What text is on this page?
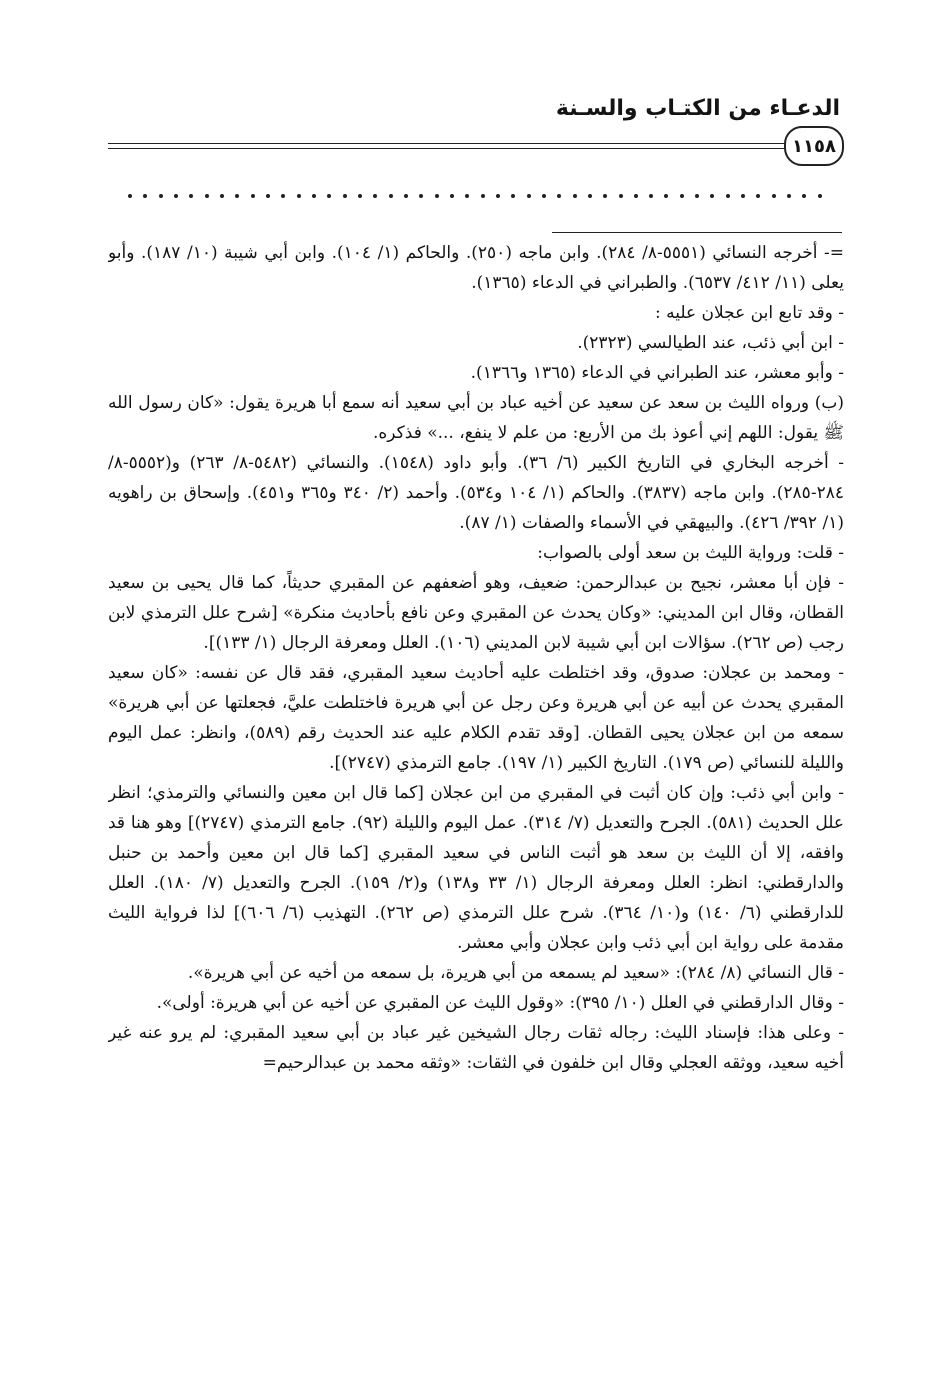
الدعـاء من الكتـاب والسـنة
١١٥٨

=- أخرجه النسائي (٥٥٥١-٨/ ٢٨٤). وابن ماجه (٢٥٠). والحاكم (١/ ١٠٤). وابن أبي شيبة (١٠/ ١٨٧). وأبو يعلى (١١/ ٤١٢/ ٦٥٣٧). والطبراني في الدعاء (١٣٦٥).

- وقد تابع ابن عجلان عليه :

- ابن أبي ذئب، عند الطيالسي (٢٣٢٣).

- وأبو معشر، عند الطبراني في الدعاء (١٣٦٥ و١٣٦٦).

(ب) ورواه الليث بن سعد عن سعيد عن أخيه عباد بن أبي سعيد أنه سمع أبا هريرة يقول: «كان رسول الله ﷺ يقول: اللهم إني أعوذ بك من الأربع: من علم لا ينفع، ...» فذكره.

- أخرجه البخاري في التاريخ الكبير (٦/ ٣٦). وأبو داود (١٥٤٨). والنسائي (٥٤٨٢-٨/ ٢٦٣) و(٥٥٥٢-٨/ ٢٨٤-٢٨٥). وابن ماجه (٣٨٣٧). والحاكم (١/ ١٠٤ و٥٣٤). وأحمد (٢/ ٣٤٠ و٣٦٥ و٤٥١). وإسحاق بن راهويه (١/ ٣٩٢/ ٤٢٦). والبيهقي في الأسماء والصفات (١/ ٨٧).

- قلت: ورواية الليث بن سعد أولى بالصواب:

- فإن أبا معشر، نجيح بن عبدالرحمن: ضعيف، وهو أضعفهم عن المقبري حديثاً، كما قال يحيى بن سعيد القطان، وقال ابن المديني: «وكان يحدث عن المقبري وعن نافع بأحاديث منكرة» [شرح علل الترمذي لابن رجب (ص ٢٦٢). سؤالات ابن أبي شيبة لابن المديني (١٠٦). العلل ومعرفة الرجال (١/ ١٣٣)].

- ومحمد بن عجلان: صدوق، وقد اختلطت عليه أحاديث سعيد المقبري، فقد قال عن نفسه: «كان سعيد المقبري يحدث عن أبيه عن أبي هريرة وعن رجل عن أبي هريرة فاختلطت عليَّ، فجعلتها عن أبي هريرة» سمعه من ابن عجلان يحيى القطان. [وقد تقدم الكلام عليه عند الحديث رقم (٥٨٩)، وانظر: عمل اليوم والليلة للنسائي (ص ١٧٩). التاريخ الكبير (١/ ١٩٧). جامع الترمذي (٢٧٤٧)].

- وابن أبي ذئب: وإن كان أثبت في المقبري من ابن عجلان [كما قال ابن معين والنسائي والترمذي؛ انظر علل الحديث (٥٨١). الجرح والتعديل (٧/ ٣١٤). عمل اليوم والليلة (٩٢). جامع الترمذي (٢٧٤٧)] وهو هنا قد وافقه، إلا أن الليث بن سعد هو أثبت الناس في سعيد المقبري [كما قال ابن معين وأحمد بن حنبل والدارقطني: انظر: العلل ومعرفة الرجال (١/ ٣٣ و١٣٨) و(٢/ ١٥٩). الجرح والتعديل (٧/ ١٨٠). العلل للدارقطني (٦/ ١٤٠) و(١٠/ ٣٦٤). شرح علل الترمذي (ص ٢٦٢). التهذيب (٦/ ٦٠٦)] لذا فرواية الليث مقدمة على رواية ابن أبي ذئب وابن عجلان وأبي معشر.

- قال النسائي (٨/ ٢٨٤): «سعيد لم يسمعه من أبي هريرة، بل سمعه من أخيه عن أبي هريرة».

- وقال الدارقطني في العلل (١٠/ ٣٩٥): «وقول الليث عن المقبري عن أخيه عن أبي هريرة: أولى».

- وعلى هذا: فإسناد الليث: رجاله ثقات رجال الشيخين غير عباد بن أبي سعيد المقبري: لم يرو عنه غير أخيه سعيد، ووثقه العجلي وقال ابن خلفون في الثقات: «وثقه محمد بن عبدالرحيم=
